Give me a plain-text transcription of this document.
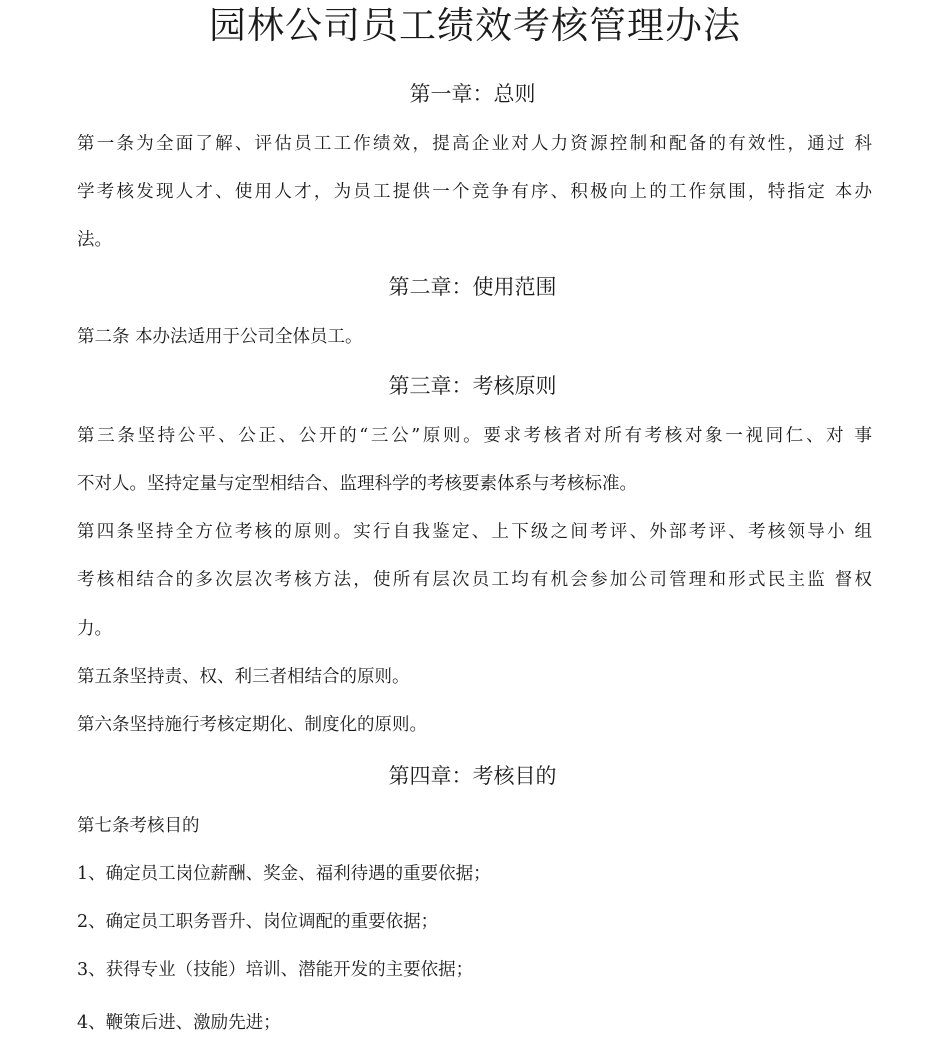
园林公司员工绩效考核管理办法
第一章：总则

第一条为全面了解、评估员工工作绩效，提高企业对人力资源控制和配备的有效性，通过 科

学考核发现人才、使用人才，为员工提供一个竞争有序、积极向上的工作氛围，特指定 本办

法。

第二章：使用范围

第二条 本办法适用于公司全体员工。

第三章：考核原则

第三条坚持公平、公正、公开的“三公”原则。要求考核者对所有考核对象一视同仁、对 事

不对人。坚持定量与定型相结合、监理科学的考核要素体系与考核标准。

第四条坚持全方位考核的原则。实行自我鉴定、上下级之间考评、外部考评、考核领导小 组

考核相结合的多次层次考核方法，使所有层次员工均有机会参加公司管理和形式民主监 督权

力。

第五条坚持责、权、利三者相结合的原则。

第六条坚持施行考核定期化、制度化的原则。

第四章：考核目的

第七条考核目的

1、确定员工岗位薪酬、奖金、福利待遇的重要依据；

2、确定员工职务晋升、岗位调配的重要依据；

3、获得专业（技能）培训、潜能开发的主要依据；

4、鞭策后进、激励先进；
